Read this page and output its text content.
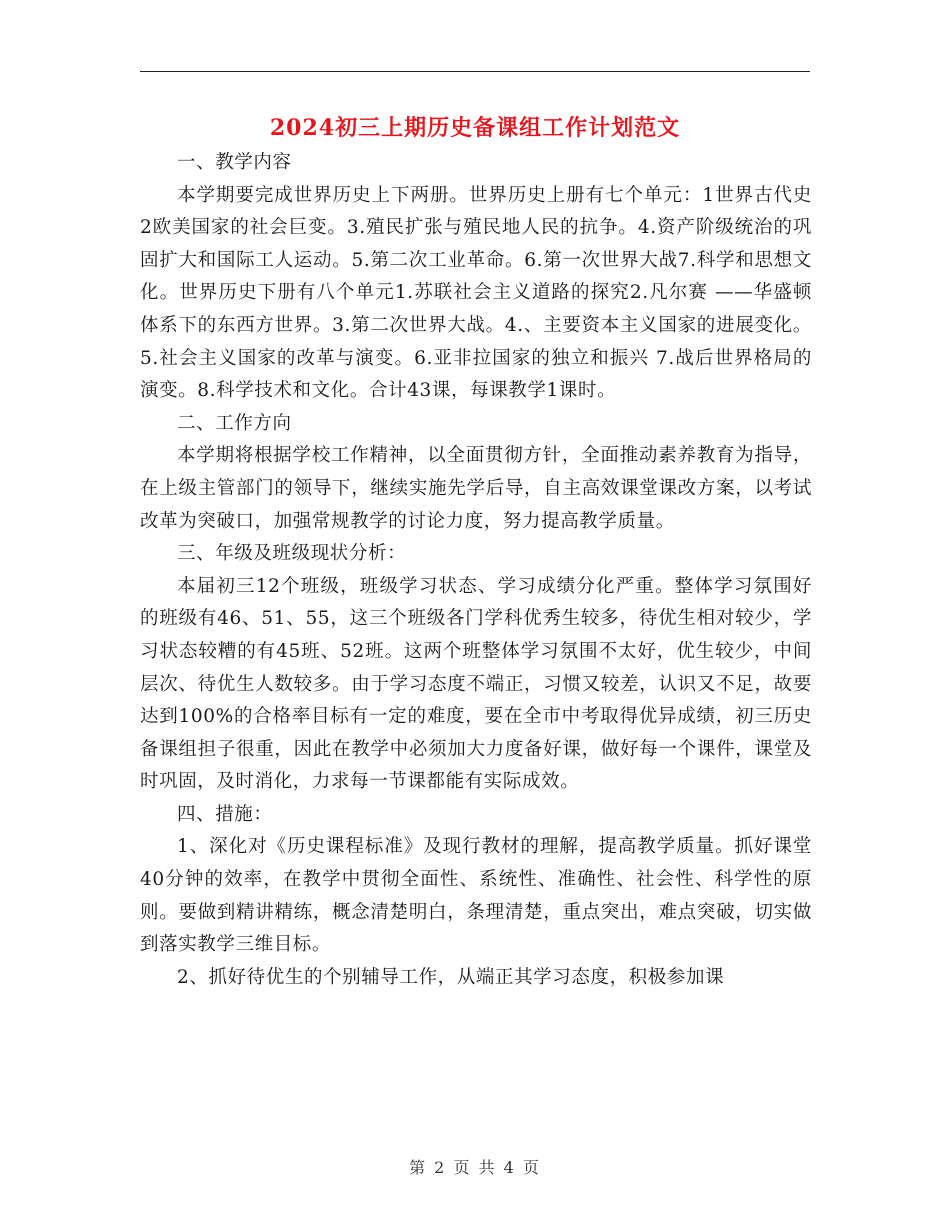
2024初三上期历史备课组工作计划范文

一、教学内容

本学期要完成世界历史上下两册。世界历史上册有七个单元：1世界古代史2欧美国家的社会巨变。3.殖民扩张与殖民地人民的抗争。4.资产阶级统治的巩固扩大和国际工人运动。5.第二次工业革命。6.第一次世界大战7.科学和思想文化。世界历史下册有八个单元1.苏联社会主义道路的探究2.凡尔赛 ——华盛顿体系下的东西方世界。3.第二次世界大战。4.、主要资本主义国家的进展变化。5.社会主义国家的改革与演变。6.亚非拉国家的独立和振兴 7.战后世界格局的演变。8.科学技术和文化。合计43课，每课教学1课时。

二、工作方向

本学期将根据学校工作精神，以全面贯彻方针，全面推动素养教育为指导，在上级主管部门的领导下，继续实施先学后导，自主高效课堂课改方案，以考试改革为突破口，加强常规教学的讨论力度，努力提高教学质量。

三、年级及班级现状分析：

本届初三12个班级，班级学习状态、学习成绩分化严重。整体学习氛围好的班级有46、51、55，这三个班级各门学科优秀生较多，待优生相对较少，学习状态较糟的有45班、52班。这两个班整体学习氛围不太好，优生较少，中间层次、待优生人数较多。由于学习态度不端正，习惯又较差，认识又不足，故要达到100%的合格率目标有一定的难度，要在全市中考取得优异成绩，初三历史备课组担子很重，因此在教学中必须加大力度备好课，做好每一个课件，课堂及时巩固，及时消化，力求每一节课都能有实际成效。

四、措施：

1、深化对《历史课程标准》及现行教材的理解，提高教学质量。抓好课堂40分钟的效率，在教学中贯彻全面性、系统性、准确性、社会性、科学性的原则。要做到精讲精练，概念清楚明白，条理清楚，重点突出，难点突破，切实做到落实教学三维目标。

2、抓好待优生的个别辅导工作，从端正其学习态度，积极参加课

第 2 页 共 4 页
